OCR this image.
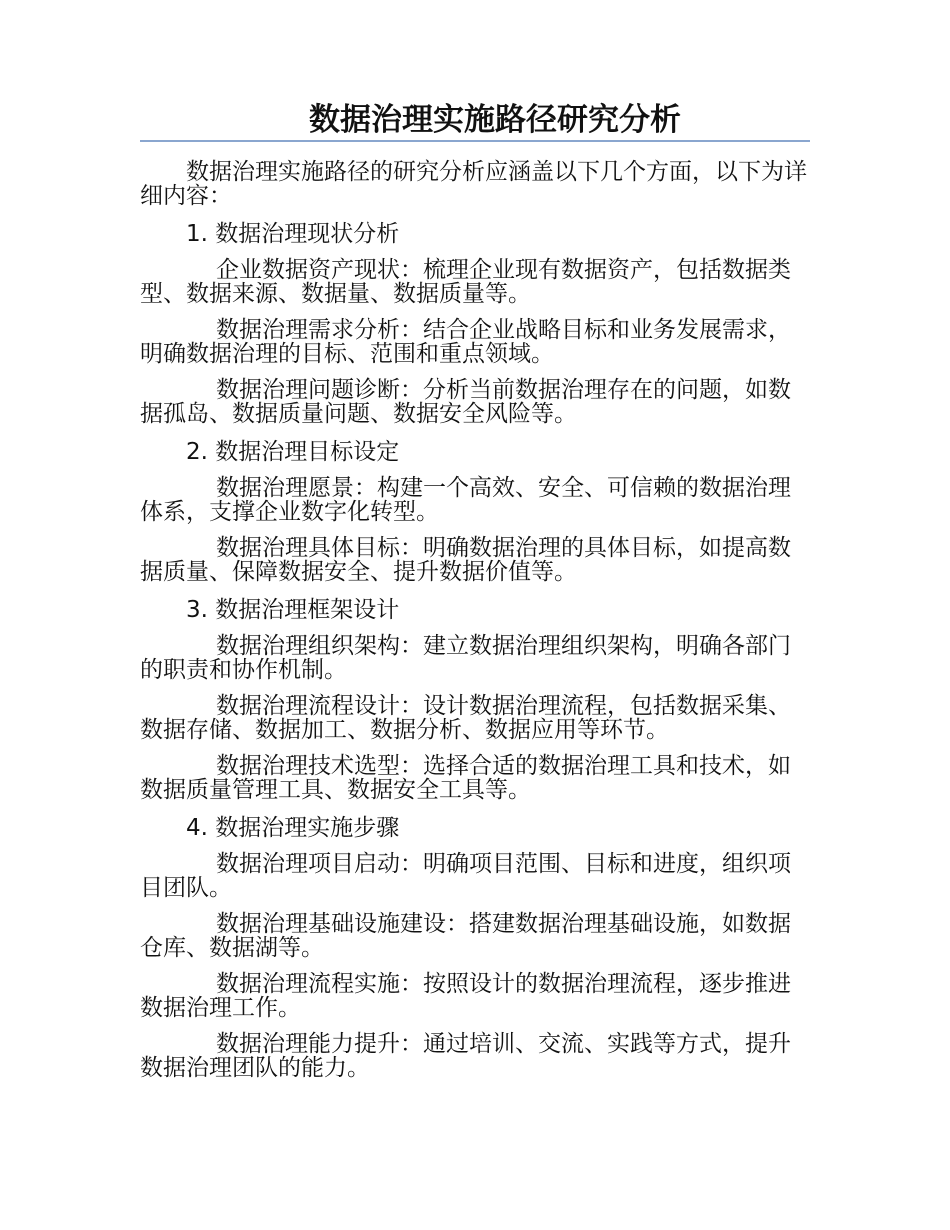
数据治理实施路径研究分析

数据治理实施路径的研究分析应涵盖以下几个方面，以下为详细内容：

1. 数据治理现状分析

企业数据资产现状：梳理企业现有数据资产，包括数据类型、数据来源、数据量、数据质量等。

数据治理需求分析：结合企业战略目标和业务发展需求，明确数据治理的目标、范围和重点领域。

数据治理问题诊断：分析当前数据治理存在的问题，如数据孤岛、数据质量问题、数据安全风险等。

2. 数据治理目标设定

数据治理愿景：构建一个高效、安全、可信赖的数据治理体系，支撑企业数字化转型。

数据治理具体目标：明确数据治理的具体目标，如提高数据质量、保障数据安全、提升数据价值等。

3. 数据治理框架设计

数据治理组织架构：建立数据治理组织架构，明确各部门的职责和协作机制。

数据治理流程设计：设计数据治理流程，包括数据采集、数据存储、数据加工、数据分析、数据应用等环节。

数据治理技术选型：选择合适的数据治理工具和技术，如数据质量管理工具、数据安全工具等。

4. 数据治理实施步骤

数据治理项目启动：明确项目范围、目标和进度，组织项目团队。

数据治理基础设施建设：搭建数据治理基础设施，如数据仓库、数据湖等。

数据治理流程实施：按照设计的数据治理流程，逐步推进数据治理工作。

数据治理能力提升：通过培训、交流、实践等方式，提升数据治理团队的能力。
